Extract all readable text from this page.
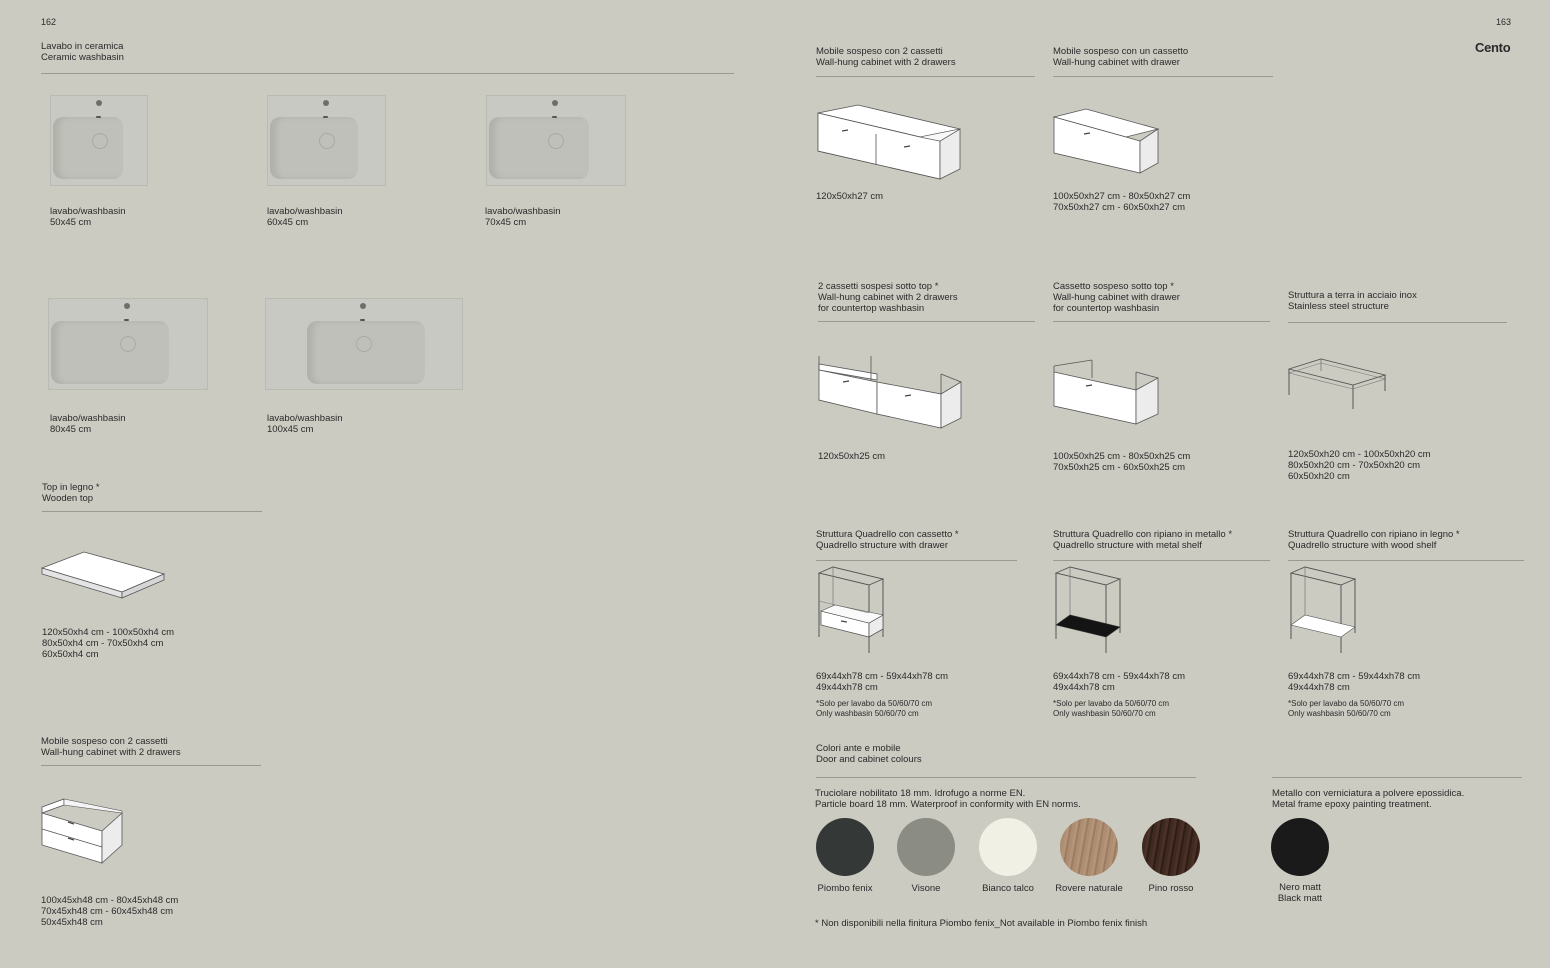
162
Lavabo in ceramica
Ceramic washbasin
lavabo/washbasin
50x45 cm
lavabo/washbasin
60x45 cm
lavabo/washbasin
70x45 cm
lavabo/washbasin
80x45 cm
lavabo/washbasin
100x45 cm
Top in legno *
Wooden top
120x50xh4 cm - 100x50xh4 cm
80x50xh4 cm - 70x50xh4 cm
60x50xh4 cm
Mobile sospeso con 2 cassetti
Wall-hung cabinet with 2 drawers
100x45xh48 cm - 80x45xh48 cm
70x45xh48 cm - 60x45xh48 cm
50x45xh48 cm
163
Cento
Mobile sospeso con 2 cassetti
Wall-hung cabinet with 2 drawers
120x50xh27 cm
Mobile sospeso con un cassetto
Wall-hung cabinet with drawer
100x50xh27 cm - 80x50xh27 cm
70x50xh27 cm - 60x50xh27 cm
2 cassetti sospesi sotto top *
Wall-hung cabinet with 2 drawers
for countertop washbasin
120x50xh25 cm
Cassetto sospeso sotto top *
Wall-hung cabinet with drawer
for countertop washbasin
100x50xh25 cm - 80x50xh25 cm
70x50xh25 cm - 60x50xh25 cm
Struttura a terra in acciaio inox
Stainless steel structure
120x50xh20 cm - 100x50xh20 cm
80x50xh20 cm - 70x50xh20 cm
60x50xh20 cm
Struttura Quadrello con cassetto *
Quadrello structure with drawer
69x44xh78 cm - 59x44xh78 cm
49x44xh78 cm
*Solo per lavabo da 50/60/70 cm
Only washbasin 50/60/70 cm
Struttura Quadrello con ripiano in metallo *
Quadrello structure with metal shelf
69x44xh78 cm - 59x44xh78 cm
49x44xh78 cm
*Solo per lavabo da 50/60/70 cm
Only washbasin 50/60/70 cm
Struttura Quadrello con ripiano in legno *
Quadrello structure with wood shelf
69x44xh78 cm - 59x44xh78 cm
49x44xh78 cm
*Solo per lavabo da 50/60/70 cm
Only washbasin 50/60/70 cm
Colori ante e mobile
Door and cabinet colours
Truciolare nobilitato 18 mm. Idrofugo a norme EN.
Particle board 18 mm. Waterproof in conformity with EN norms.
Metallo con verniciatura a polvere epossidica.
Metal frame epoxy painting treatment.
Piombo fenix	Visone	Bianco talco	Rovere naturale	Pino rosso	Nero matt
Black matt
* Non disponibili nella finitura Piombo fenix_Not available in Piombo fenix finish
